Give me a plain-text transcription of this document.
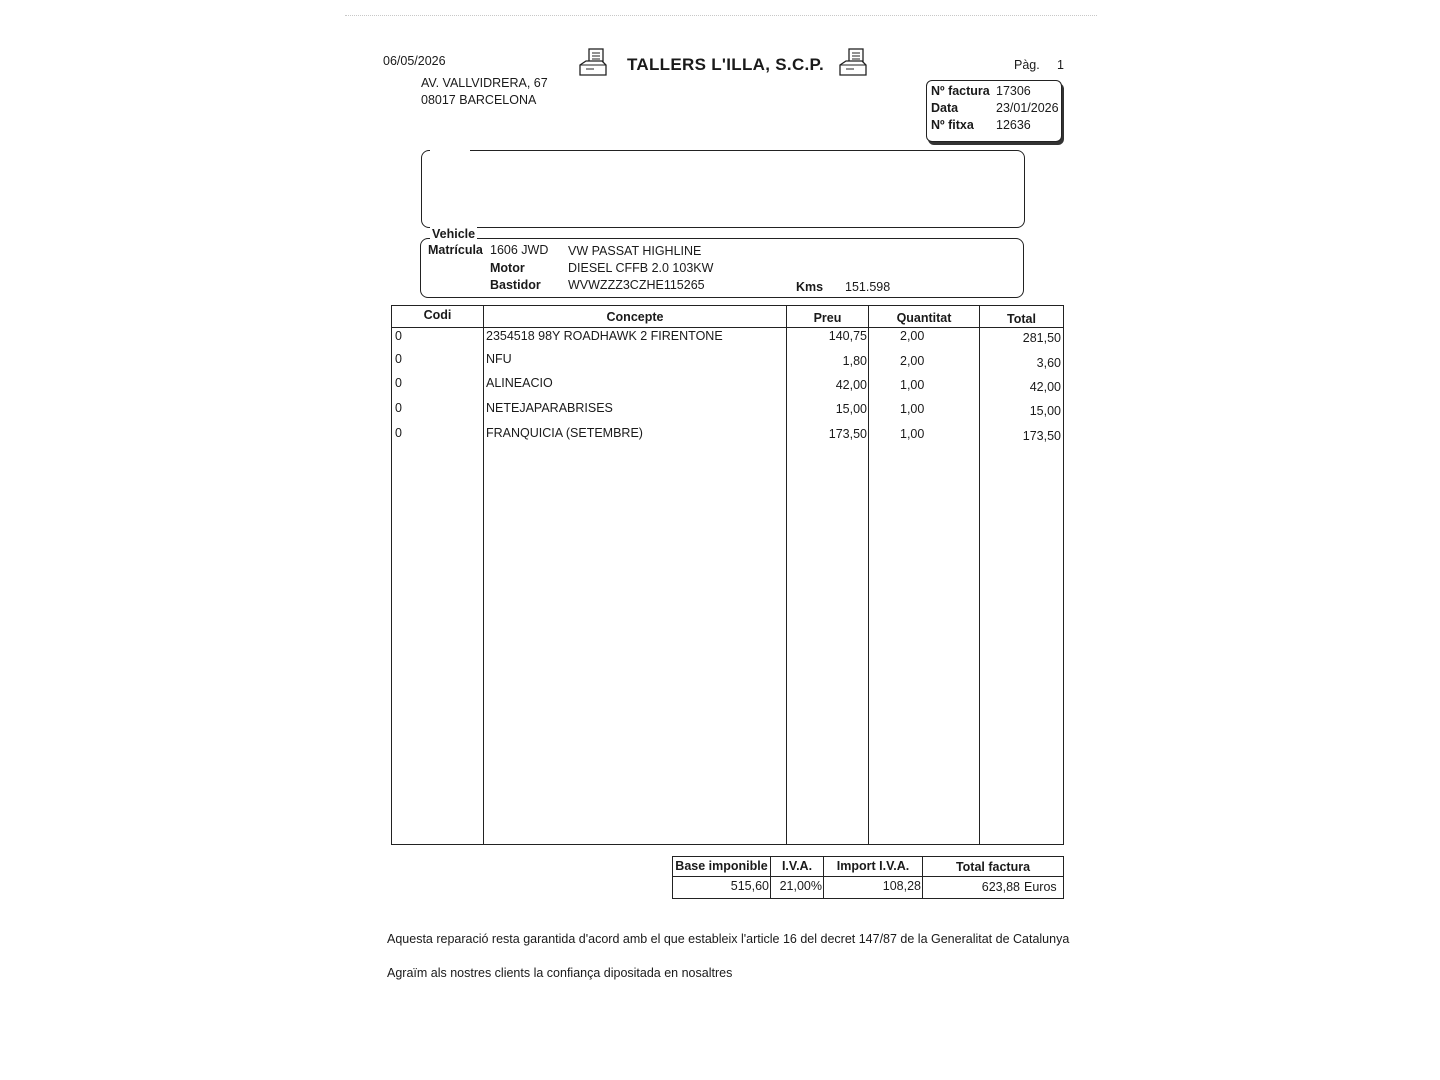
06/05/2026
AV. VALLVIDRERA, 67
08017 BARCELONA
TALLERS L'ILLA, S.C.P.	Pàg. 1
Nº factura 17306
Data	23/01/2026
Nº fitxa	12636
Vehicle
Matrícula 1606 JWD VW PASSAT HIGHLINE
Motor	DIESEL CFFB 2.0 103KW
Bastidor WVWZZZ3CZHE115265	Kms 151.598
Codi	Concepte	Preu	Quantitat	Total
0	2354518 98Y ROADHAWK 2 FIRENTONE	140,75	2,00	281,50
0	NFU	1,80	2,00	3,60
0	ALINEACIO	42,00	1,00	42,00
0	NETEJAPARABRISES	15,00	1,00	15,00
0	FRANQUICIA (SETEMBRE)	173,50	1,00	173,50
Base imponible	I.V.A.	Import I.V.A.	Total factura
515,60 21,00%	108,28	623,88 Euros
Aquesta reparació resta garantida d'acord amb el que estableix l'article 16 del decret 147/87 de la Generalitat de Catalunya
Agraïm als nostres clients la confiança dipositada en nosaltres
